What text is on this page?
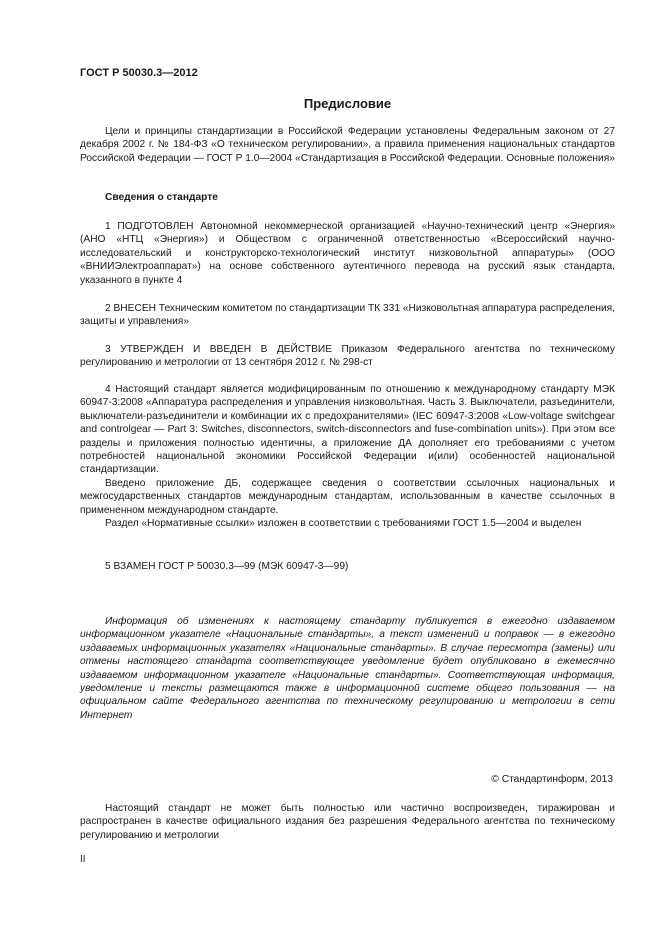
ГОСТ Р 50030.3—2012
Предисловие

Цели и принципы стандартизации в Российской Федерации установлены Федеральным законом от 27 декабря 2002 г. № 184-ФЗ «О техническом регулировании», а правила применения национальных стандартов Российской Федерации — ГОСТ Р 1.0—2004 «Стандартизация в Российской Федерации. Основные положения»

Сведения о стандарте

1 ПОДГОТОВЛЕН Автономной некоммерческой организацией «Научно-технический центр «Энергия» (АНО «НТЦ «Энергия») и Обществом с ограниченной ответственностью «Всероссийский научно-исследовательский и конструкторско-технологический институт низковольтной аппаратуры» (ООО «ВНИИЭлектроаппарат») на основе собственного аутентичного перевода на русский язык стандарта, указанного в пункте 4

2 ВНЕСЕН Техническим комитетом по стандартизации ТК 331 «Низковольтная аппаратура распределения, защиты и управления»

3 УТВЕРЖДЕН И ВВЕДЕН В ДЕЙСТВИЕ Приказом Федерального агентства по техническому регулированию и метрологии от 13 сентября 2012 г. № 298-ст

4 Настоящий стандарт является модифицированным по отношению к международному стандарту МЭК 60947-3:2008 «Аппаратура распределения и управления низковольтная. Часть 3. Выключатели, разъединители, выключатели-разъединители и комбинации их с предохранителями» (IEC 60947-3:2008 «Low-voltage switchgear and controlgear — Part 3: Switches, disconnectors, switch-disconnectors and fuse-combination units»). При этом все разделы и приложения полностью идентичны, а приложение ДА дополняет его требованиями с учетом потребностей национальной экономики Российской Федерации и(или) особенностей национальной стандартизации.

Введено приложение ДБ, содержащее сведения о соответствии ссылочных национальных и межгосударственных стандартов международным стандартам, использованным в качестве ссылочных в примененном международном стандарте.

Раздел «Нормативные ссылки» изложен в соответствии с требованиями ГОСТ 1.5—2004 и выделен

5 ВЗАМЕН ГОСТ Р 50030.3—99 (МЭК 60947-3—99)

Информация об изменениях к настоящему стандарту публикуется в ежегодно издаваемом информационном указателе «Национальные стандарты», а текст изменений и поправок — в ежегодно издаваемых информационных указателях «Национальные стандарты». В случае пересмотра (замены) или отмены настоящего стандарта соответствующее уведомление будет опубликовано в ежемесячно издаваемом информационном указателе «Национальные стандарты». Соответствующая информация, уведомление и тексты размещаются также в информационной системе общего пользования — на официальном сайте Федерального агентства по техническому регулированию и метрологии в сети Интернет

© Стандартинформ, 2013

Настоящий стандарт не может быть полностью или частично воспроизведен, тиражирован и распространен в качестве официального издания без разрешения Федерального агентства по техническому регулированию и метрологии

II
